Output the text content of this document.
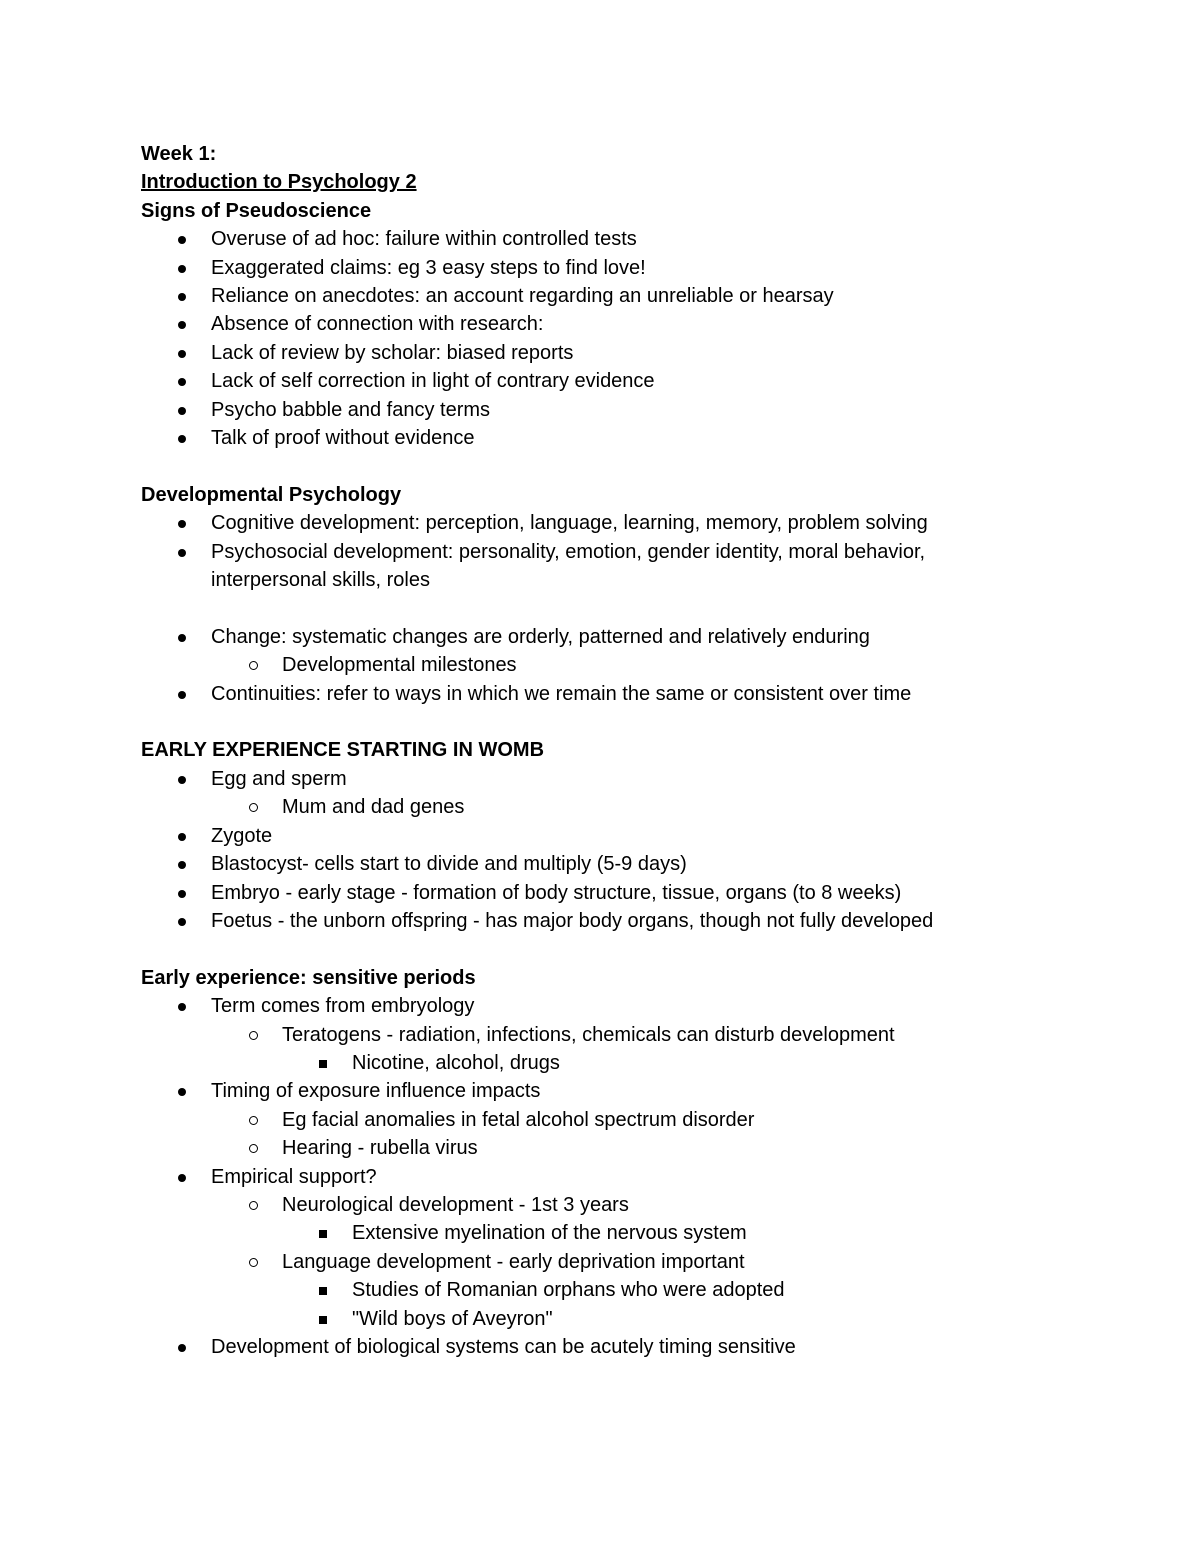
Week 1:
Introduction to Psychology 2
Signs of Pseudoscience
Overuse of ad hoc: failure within controlled tests
Exaggerated claims: eg 3 easy steps to find love!
Reliance on anecdotes: an account regarding an unreliable or hearsay
Absence of connection with research:
Lack of review by scholar: biased reports
Lack of self correction in light of contrary evidence
Psycho babble and fancy terms
Talk of proof without evidence
Developmental Psychology
Cognitive development: perception, language, learning, memory, problem solving
Psychosocial development: personality, emotion, gender identity, moral behavior,
interpersonal skills, roles
Change: systematic changes are orderly, patterned and relatively enduring
Developmental milestones
Continuities: refer to ways in which we remain the same or consistent over time
EARLY EXPERIENCE STARTING IN WOMB
Egg and sperm
Mum and dad genes
Zygote
Blastocyst- cells start to divide and multiply (5-9 days)
Embryo - early stage - formation of body structure, tissue, organs (to 8 weeks)
Foetus - the unborn offspring - has major body organs, though not fully developed
Early experience: sensitive periods
Term comes from embryology
Teratogens - radiation, infections, chemicals can disturb development
Nicotine, alcohol, drugs
Timing of exposure influence impacts
Eg facial anomalies in fetal alcohol spectrum disorder
Hearing - rubella virus
Empirical support?
Neurological development - 1st 3 years
Extensive myelination of the nervous system
Language development - early deprivation important
Studies of Romanian orphans who were adopted
"Wild boys of Aveyron"
Development of biological systems can be acutely timing sensitive
